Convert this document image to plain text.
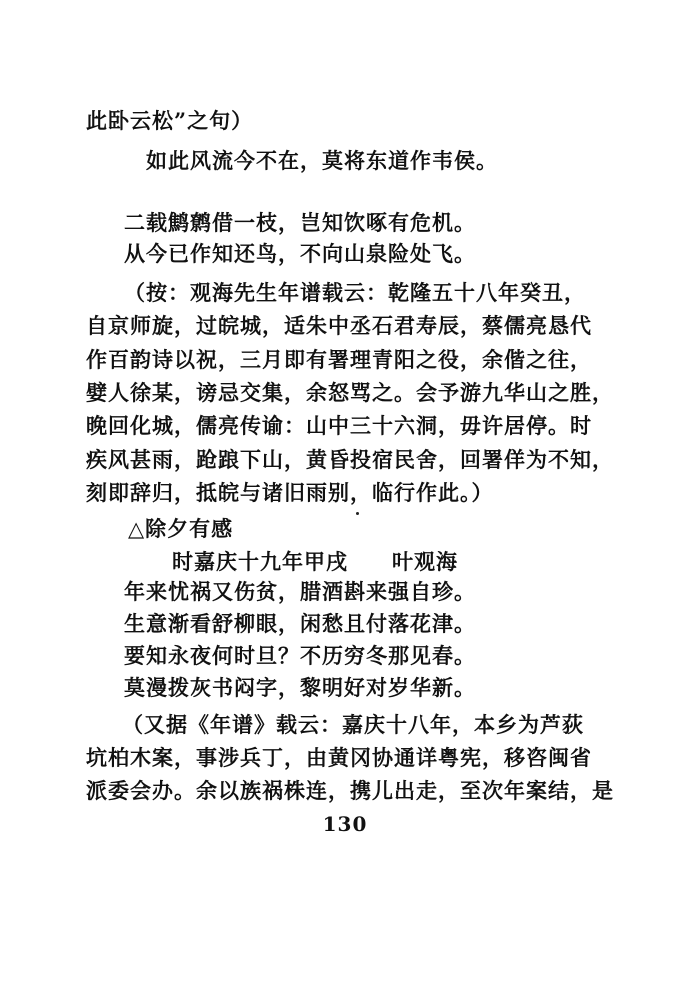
此卧云松”之句）
如此风流今不在，莫将东道作韦侯。
二载鹪鹩借一枝，岂知饮啄有危机。
从今已作知还鸟，不向山泉险处飞。
（按：观海先生年谱载云：乾隆五十八年癸丑，
自京师旋，过皖城，适朱中丞石君寿辰，蔡儒亮恳代
作百韵诗以祝，三月即有署理青阳之役，余偕之往，
嬖人徐某，谤忌交集，余怒骂之。会予游九华山之胜，
晚回化城，儒亮传谕：山中三十六洞，毋许居停。时
疾风甚雨，跄踉下山，黄昏投宿民舍，回署佯为不知，
刻即辞归，抵皖与诸旧雨别，临行作此。）
△除夕有感
时嘉庆十九年甲戌　　叶观海
年来忧祸又伤贫，腊酒斟来强自珍。
生意渐看舒柳眼，闲愁且付落花津。
要知永夜何时旦？不历穷冬那见春。
莫漫拨灰书闷字，黎明好对岁华新。
（又据《年谱》载云：嘉庆十八年，本乡为芦荻
坑柏木案，事涉兵丁，由黄冈协通详粤宪，移咨闽省
派委会办。余以族祸株连，携儿出走，至次年案结，是
130
